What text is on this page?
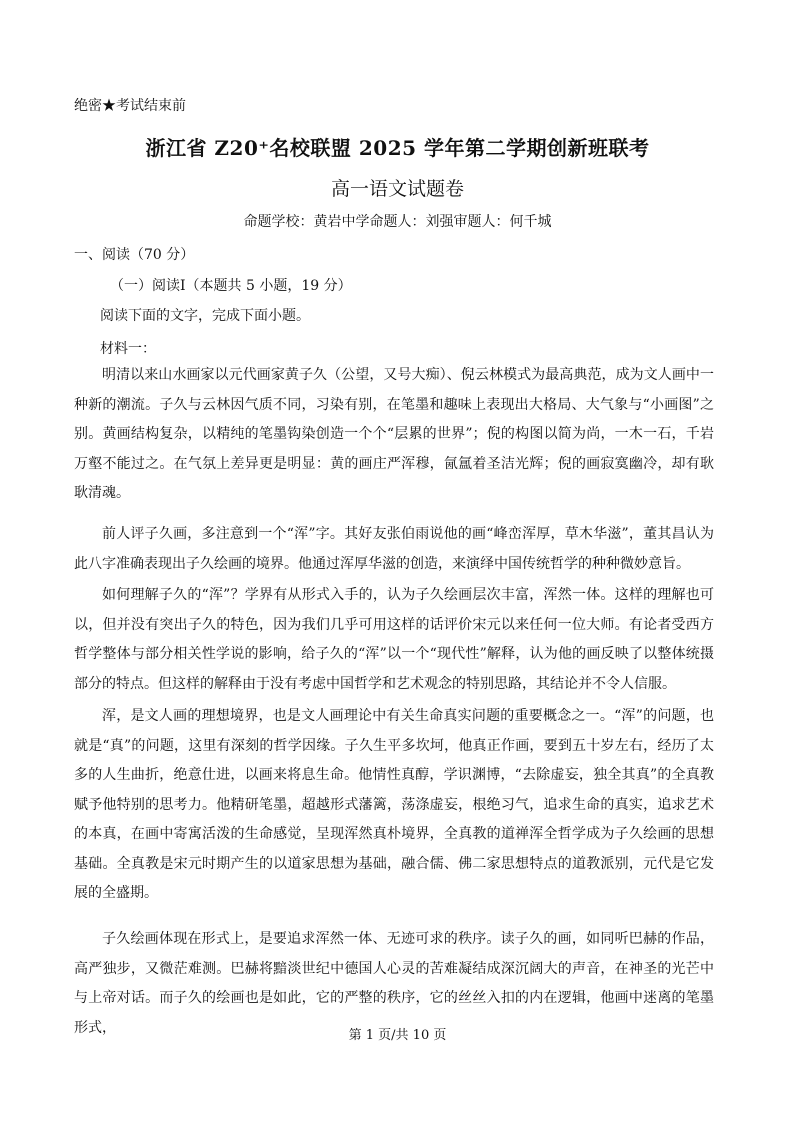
绝密★考试结束前
浙江省 Z20⁺名校联盟 2025 学年第二学期创新班联考
高一语文试题卷
命题学校：黄岩中学命题人：刘强审题人：何千城
一、阅读（70 分）
（一）阅读Ⅰ（本题共 5 小题，19 分）
阅读下面的文字，完成下面小题。
材料一：

明清以来山水画家以元代画家黄子久（公望，又号大痴）、倪云林模式为最高典范，成为文人画中一种新的潮流。子久与云林因气质不同，习染有别，在笔墨和趣味上表现出大格局、大气象与“小画图”之别。黄画结构复杂，以精纯的笔墨钩染创造一个个“层累的世界”；倪的构图以简为尚，一木一石，千岩万壑不能过之。在气氛上差异更是明显：黄的画庄严浑穆，氤氲着圣洁光辉；倪的画寂寞幽冷，却有耿耿清魂。

前人评子久画，多注意到一个“浑”字。其好友张伯雨说他的画“峰峦浑厚，草木华滋”，董其昌认为此八字准确表现出子久绘画的境界。他通过浑厚华滋的创造，来演绎中国传统哲学的种种微妙意旨。

如何理解子久的“浑”？学界有从形式入手的，认为子久绘画层次丰富，浑然一体。这样的理解也可以，但并没有突出子久的特色，因为我们几乎可用这样的话评价宋元以来任何一位大师。有论者受西方哲学整体与部分相关性学说的影响，给子久的“浑”以一个“现代性”解释，认为他的画反映了以整体统摄部分的特点。但这样的解释由于没有考虑中国哲学和艺术观念的特别思路，其结论并不令人信服。

浑，是文人画的理想境界，也是文人画理论中有关生命真实问题的重要概念之一。“浑”的问题，也就是“真”的问题，这里有深刻的哲学因缘。子久生平多坎坷，他真正作画，要到五十岁左右，经历了太多的人生曲折，绝意仕进，以画来将息生命。他情性真醇，学识渊博，“去除虚妄，独全其真”的全真教赋予他特别的思考力。他精研笔墨，超越形式藩篱，荡涤虚妄，根绝习气，追求生命的真实，追求艺术的本真，在画中寄寓活泼的生命感觉，呈现浑然真朴境界，全真教的道禅浑全哲学成为子久绘画的思想基础。全真教是宋元时期产生的以道家思想为基础，融合儒、佛二家思想特点的道教派别，元代是它发展的全盛期。

子久绘画体现在形式上，是要追求浑然一体、无迹可求的秩序。读子久的画，如同听巴赫的作品，高严独步，又微茫难测。巴赫将黯淡世纪中德国人心灵的苦难凝结成深沉阔大的声音，在神圣的光芒中与上帝对话。而子久的绘画也是如此，它的严整的秩序，它的丝丝入扣的内在逻辑，他画中迷离的笔墨形式，	第 1 页/共 10 页
